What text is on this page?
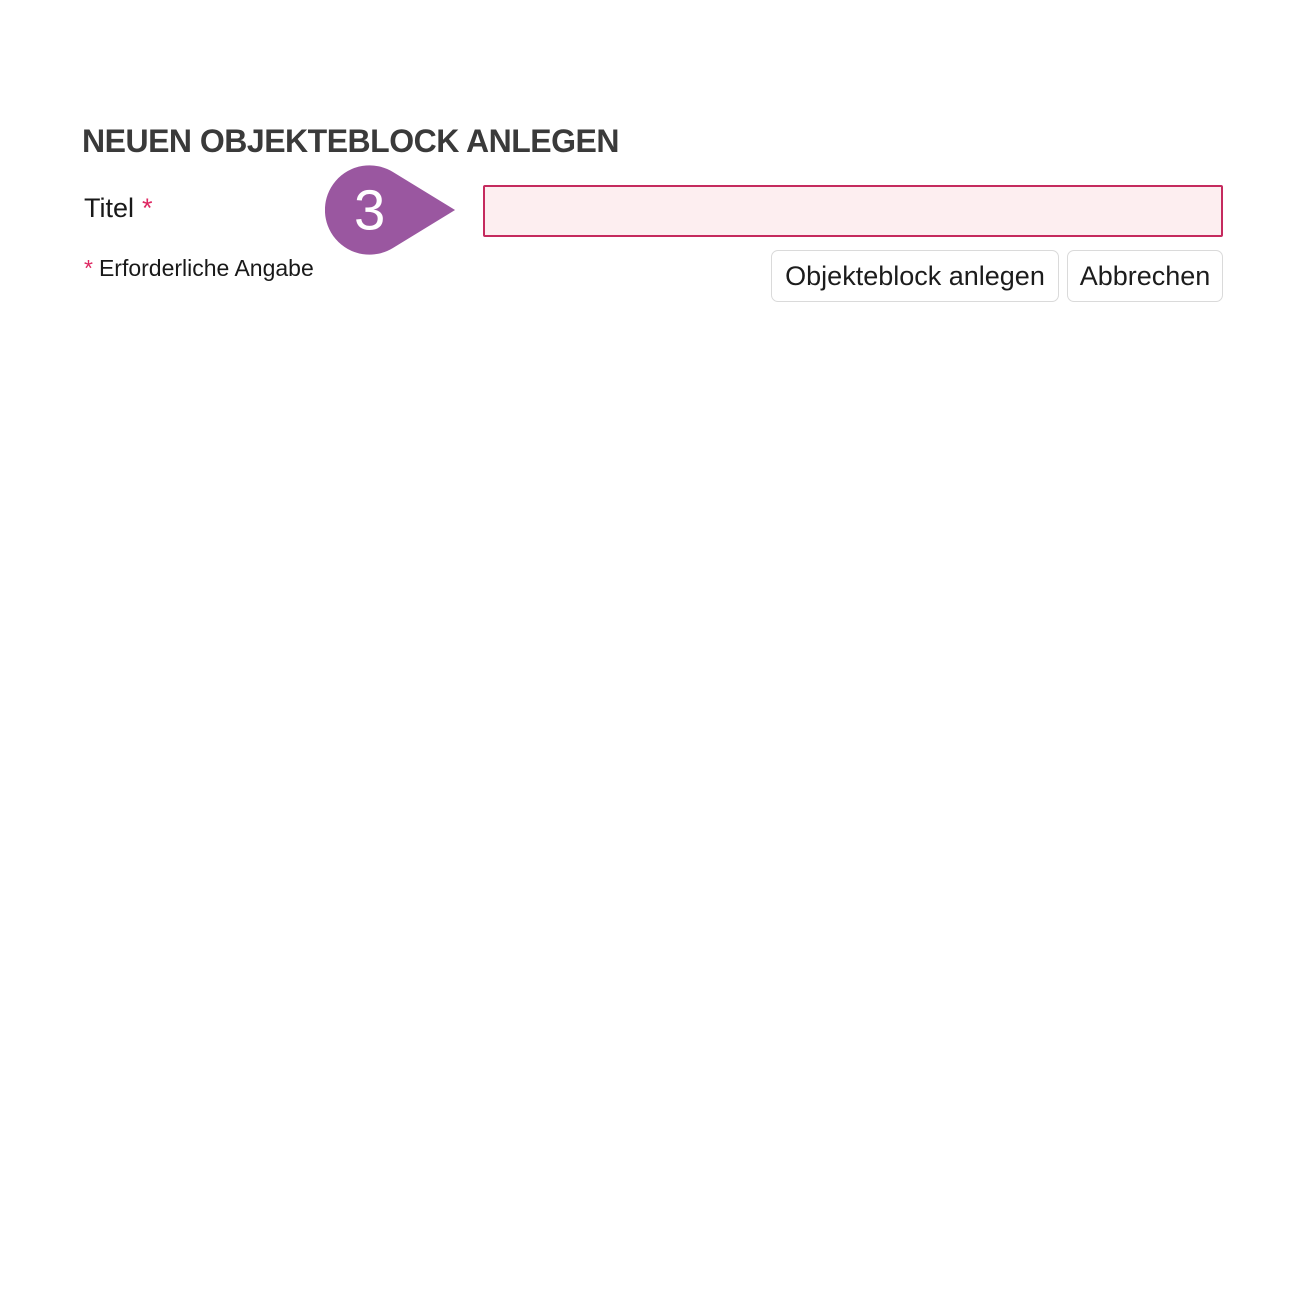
NEUEN OBJEKTEBLOCK ANLEGEN
Titel *	3
* Erforderliche Angabe	Objekteblock anlegen	Abbrechen
